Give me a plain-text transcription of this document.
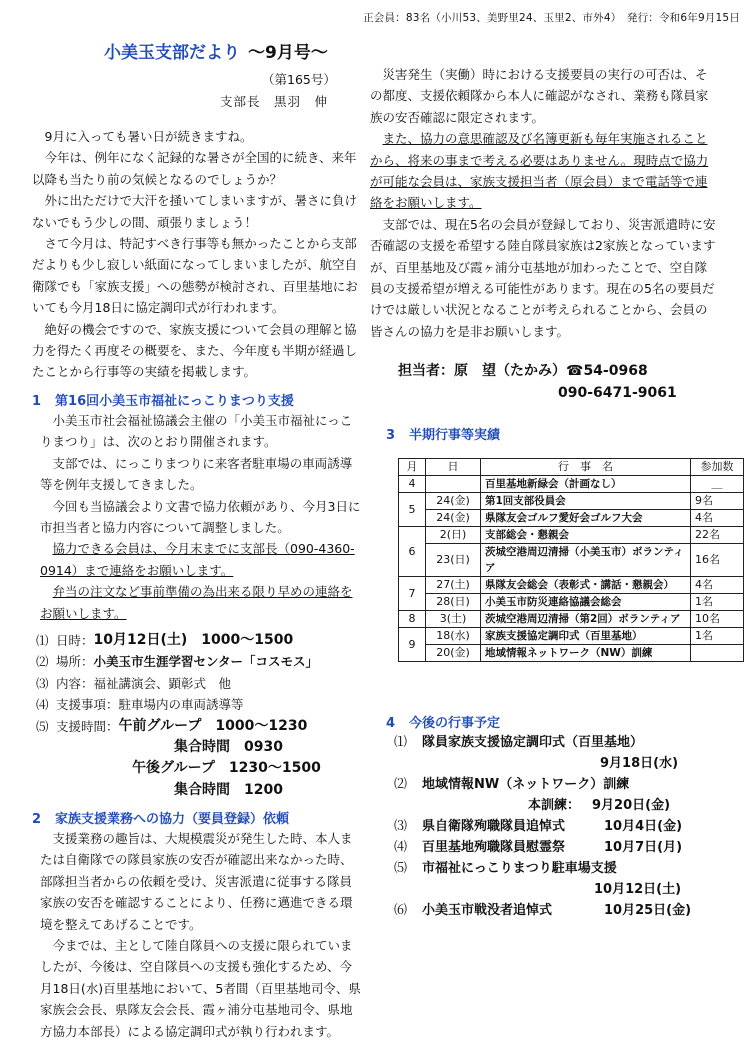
正会員：83名（小川53、美野里24、玉里2、市外4）　発行：令和6年9月15日
小美玉支部だより ～9月号～
（第165号）
支部長　黒羽　伸

9月に入っても暑い日が続きますね。

今年は、例年になく記録的な暑さが全国的に続き、来年以降も当たり前の気候となるのでしょうか？

外に出ただけで大汗を掻いてしまいますが、暑さに負けないでもう少しの間、頑張りましょう！

さて今月は、特記すべき行事等も無かったことから支部だよりも少し寂しい紙面になってしまいましたが、航空自衛隊でも「家族支援」への態勢が検討され、百里基地においても今月18日に協定調印式が行われます。

絶好の機会ですので、家族支援について会員の理解と協力を得たく再度その概要を、また、今年度も半期が経過したことから行事等の実績を掲載します。

1 第16回小美玉市福祉にっこりまつり支援

小美玉市社会福祉協議会主催の「小美玉市福祉にっこりまつり」は、次のとおり開催されます。

支部では、にっこりまつりに来客者駐車場の車両誘導等を例年支援してきました。

今回も当協議会より文書で協力依頼があり、今月3日に市担当者と協力内容について調整しました。

協力できる会員は、今月末までに支部長（090-4360-0914）まで連絡をお願いします。

弁当の注文など事前準備の為出来る限り早めの連絡をお願いします。

⑴ 日時： 10月12日(土)　1000～1500
⑵ 場所： 小美玉市生涯学習センター「コスモス」
⑶ 内容： 福祉講演会、顕彰式　他
⑷ 支援事項： 駐車場内の車両誘導等
⑸ 支援時間： 午前グループ　1000～1230
集合時間　0930
午後グループ　1230～1500
集合時間　1200
2 家族支援業務への協力（要員登録）依頼

支援業務の趣旨は、大規模震災が発生した時、本人または自衛隊での隊員家族の安否が確認出来なかった時、部隊担当者からの依頼を受け、災害派遣に従事する隊員家族の安否を確認することにより、任務に邁進できる環境を整えてあげることです。

今までは、主として陸自隊員への支援に限られていましたが、今後は、空自隊員への支援も強化するため、今月18日(水)百里基地において、5者間（百里基地司令、県家族会会長、県隊友会会長、霞ヶ浦分屯基地司令、県地方協力本部長）による協定調印式が執り行われます。

災害発生（実働）時における支援要員の実行の可否は、その都度、支援依頼隊から本人に確認がなされ、業務も隊員家族の安否確認に限定されます。

また、協力の意思確認及び名簿更新も毎年実施されることから、将来の事まで考える必要はありません。現時点で協力が可能な会員は、家族支援担当者（原会員）まで電話等で連絡をお願いします。

支部では、現在5名の会員が登録しており、災害派遣時に安否確認の支援を希望する陸自隊員家族は2家族となっていますが、百里基地及び霞ヶ浦分屯基地が加わったことで、空自隊員の支援希望が増える可能性があります。現在の5名の要員だけでは厳しい状況となることが考えられることから、会員の皆さんの協力を是非お願いします。

担当者：原　望（たかみ）☎54-0968
090-6471-9061
3 半期行事等実績
月	日	行　事　名	参加数
4		百里基地新緑会（計画なし）	＿
5	24(金)	第1回支部役員会	9名
	24(金)	県隊友会ゴルフ愛好会ゴルフ大会	4名
6	2(日)	支部総会・懇親会	22名
	23(日)	茨城空港周辺清掃（小美玉市）ボランティア	16名
7	27(土)	県隊友会総会（表彰式・講話・懇親会）	4名
	28(日)	小美玉市防災連絡協議会総会	1名
8	3(土)	茨城空港周辺清掃（第2回）ボランティア	10名
9	18(水)	家族支援協定調印式（百里基地）	1名
	20(金)	地域情報ネットワーク（NW）訓練	
4 今後の行事予定
⑴	隊員家族支援協定調印式（百里基地）
9月18日(水)
⑵	地域情報NW（ネットワーク）訓練
本訓練： 9月20日(金)
⑶	県自衛隊殉職隊員追悼式	10月4日(金)
⑷	百里基地殉職隊員慰霊祭	10月7日(月)
⑸	市福祉にっこりまつり駐車場支援
10月12日(土)
⑹	小美玉市戦没者追悼式	10月25日(金)
